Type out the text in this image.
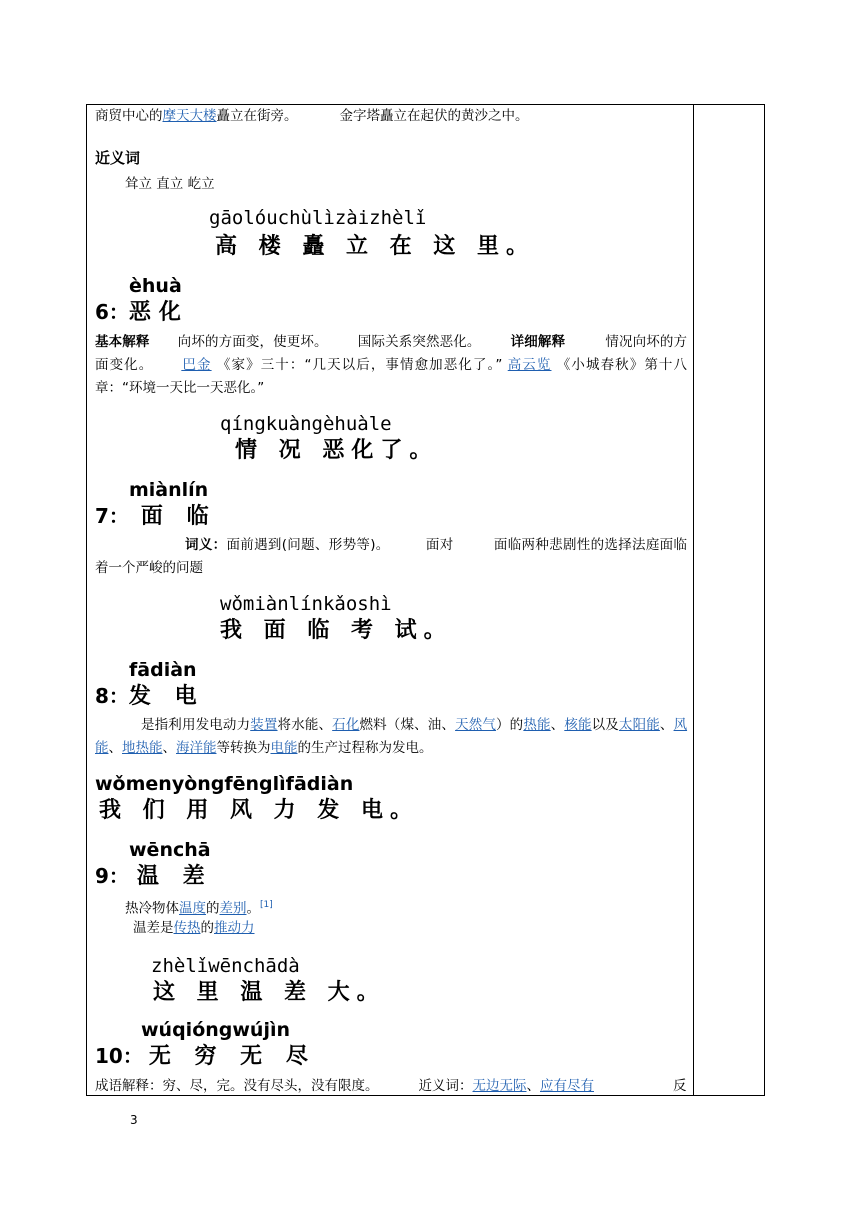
商贸中心的摩天大楼矗立在街旁。	金字塔矗立在起伏的黄沙之中。
近义词
耸立 直立 屹立
gāolóuchùlìzàizhèlǐ
高 楼 矗 立 在 这 里。
èhuà
6：恶化
基本解释 向坏的方面变，使更坏。 国际关系突然恶化。 详细解释	情况向坏的方面变化。 巴金 《家》三十：“几天以后，事情愈加恶化了。” 高云览 《小城春秋》第十八章：“环境一天比一天恶化。”
qíngkuàngèhuàle
情 况 恶化了。
miànlín
7： 面 临
词义：面前遇到(问题、形势等)。	面对	面临两种悲剧性的选择法庭面临着一个严峻的问题
wǒmiànlínkǎoshì
我 面 临 考 试。
fādiàn
8：发 电
是指利用发电动力装置将水能、石化燃料（煤、油、天然气）的热能、核能以及太阳能、风能、地热能、海洋能等转换为电能的生产过程称为发电。
wǒmenyòngfēnglìfādiàn
我 们 用 风 力 发 电。
wēnchā
9： 温 差
热冷物体温度的差别。[1]
温差是传热的推动力
zhèlǐwēnchādà
这 里 温 差 大。
wúqióngwújìn
10： 无 穷 无 尽
成语解释：穷、尽，完。没有尽头，没有限度。	近义词：无边无际、应有尽有	反
3
